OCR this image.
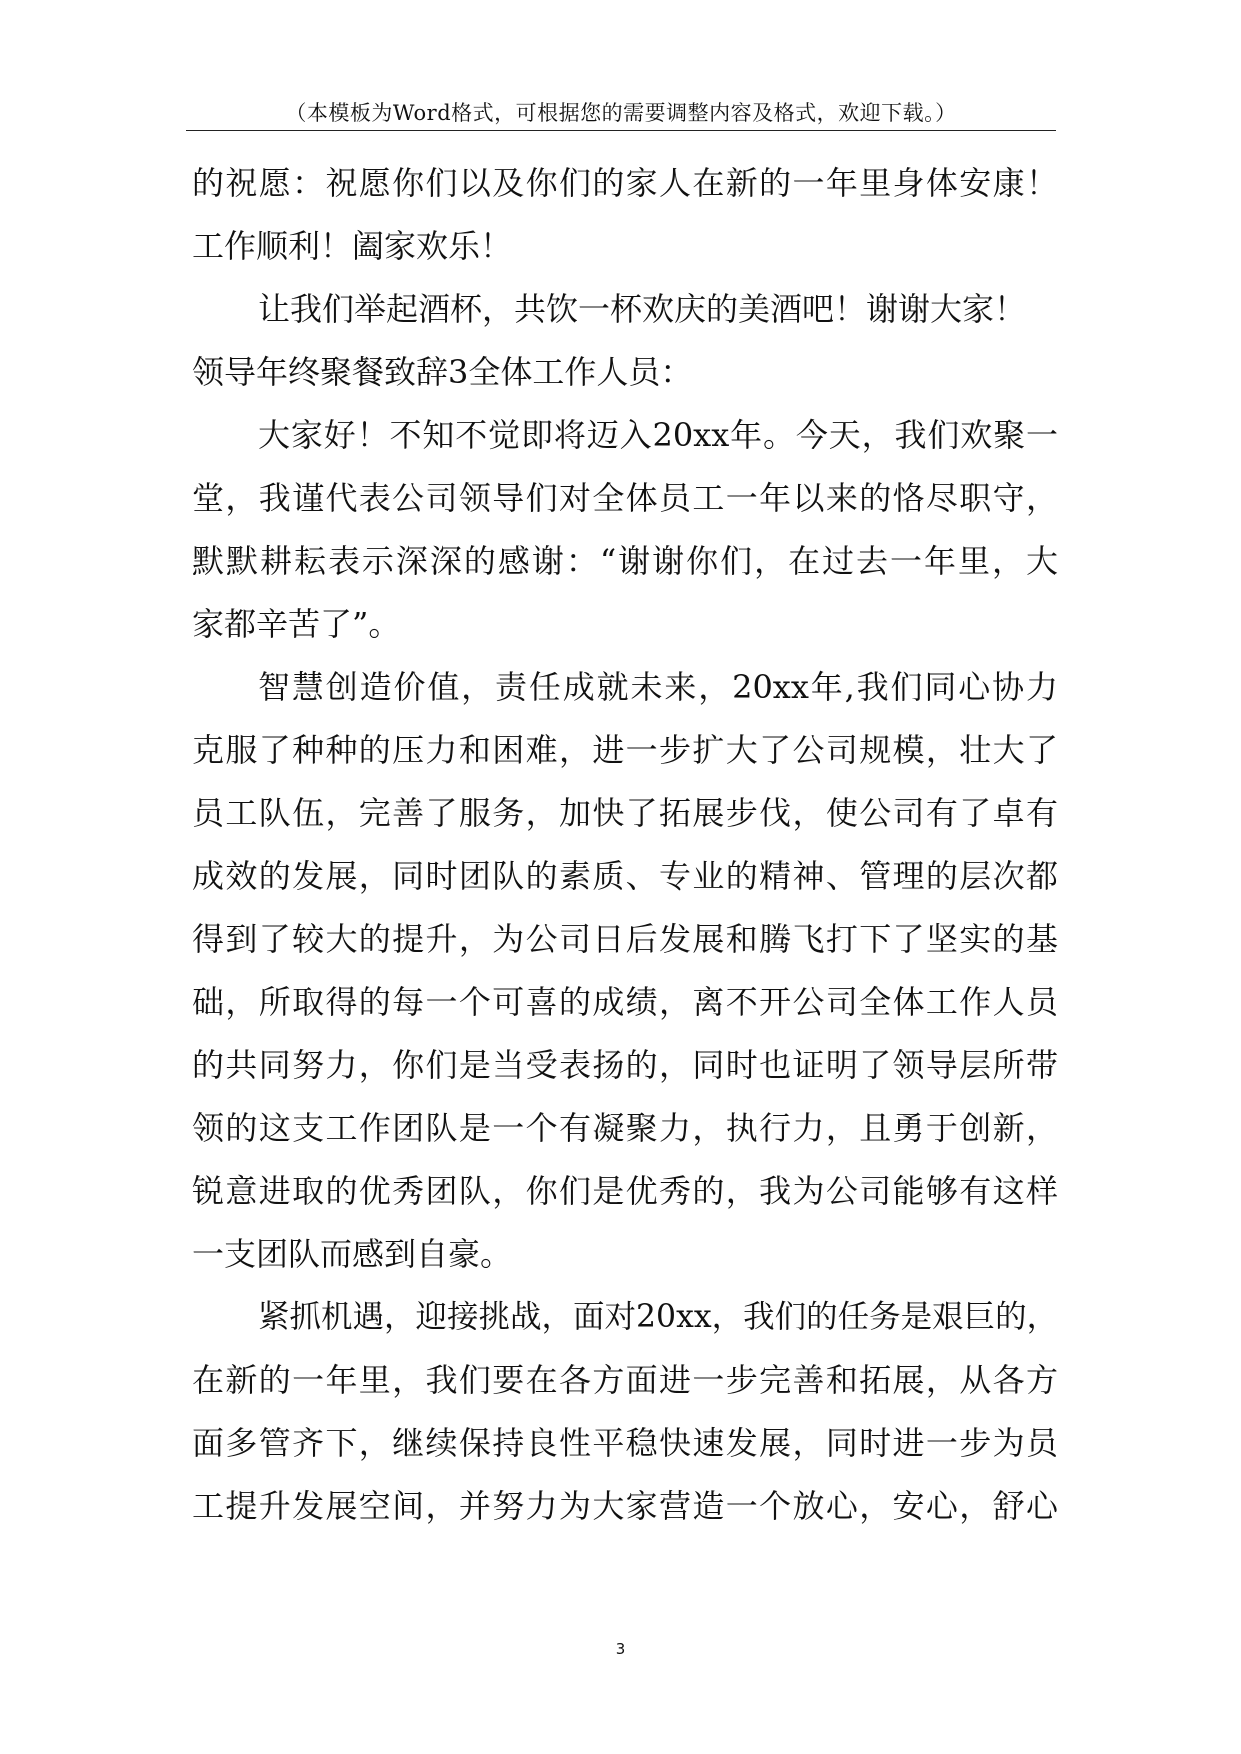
（本模板为Word格式，可根据您的需要调整内容及格式，欢迎下载。）
的祝愿：祝愿你们以及你们的家人在新的一年里身体安康！
工作顺利！阖家欢乐！
让我们举起酒杯，共饮一杯欢庆的美酒吧！谢谢大家！
领导年终聚餐致辞3全体工作人员：
大家好！不知不觉即将迈入20xx年。今天，我们欢聚一
堂，我谨代表公司领导们对全体员工一年以来的恪尽职守，
默默耕耘表示深深的感谢：“谢谢你们，在过去一年里，大
家都辛苦了”。
智慧创造价值，责任成就未来，20xx年,我们同心协力
克服了种种的压力和困难，进一步扩大了公司规模，壮大了
员工队伍，完善了服务，加快了拓展步伐，使公司有了卓有
成效的发展，同时团队的素质、专业的精神、管理的层次都
得到了较大的提升，为公司日后发展和腾飞打下了坚实的基
础，所取得的每一个可喜的成绩，离不开公司全体工作人员
的共同努力，你们是当受表扬的，同时也证明了领导层所带
领的这支工作团队是一个有凝聚力，执行力，且勇于创新，
锐意进取的优秀团队，你们是优秀的，我为公司能够有这样
一支团队而感到自豪。
紧抓机遇，迎接挑战，面对20xx，我们的任务是艰巨的，
在新的一年里，我们要在各方面进一步完善和拓展，从各方
面多管齐下，继续保持良性平稳快速发展，同时进一步为员
工提升发展空间，并努力为大家营造一个放心，安心，舒心
3
